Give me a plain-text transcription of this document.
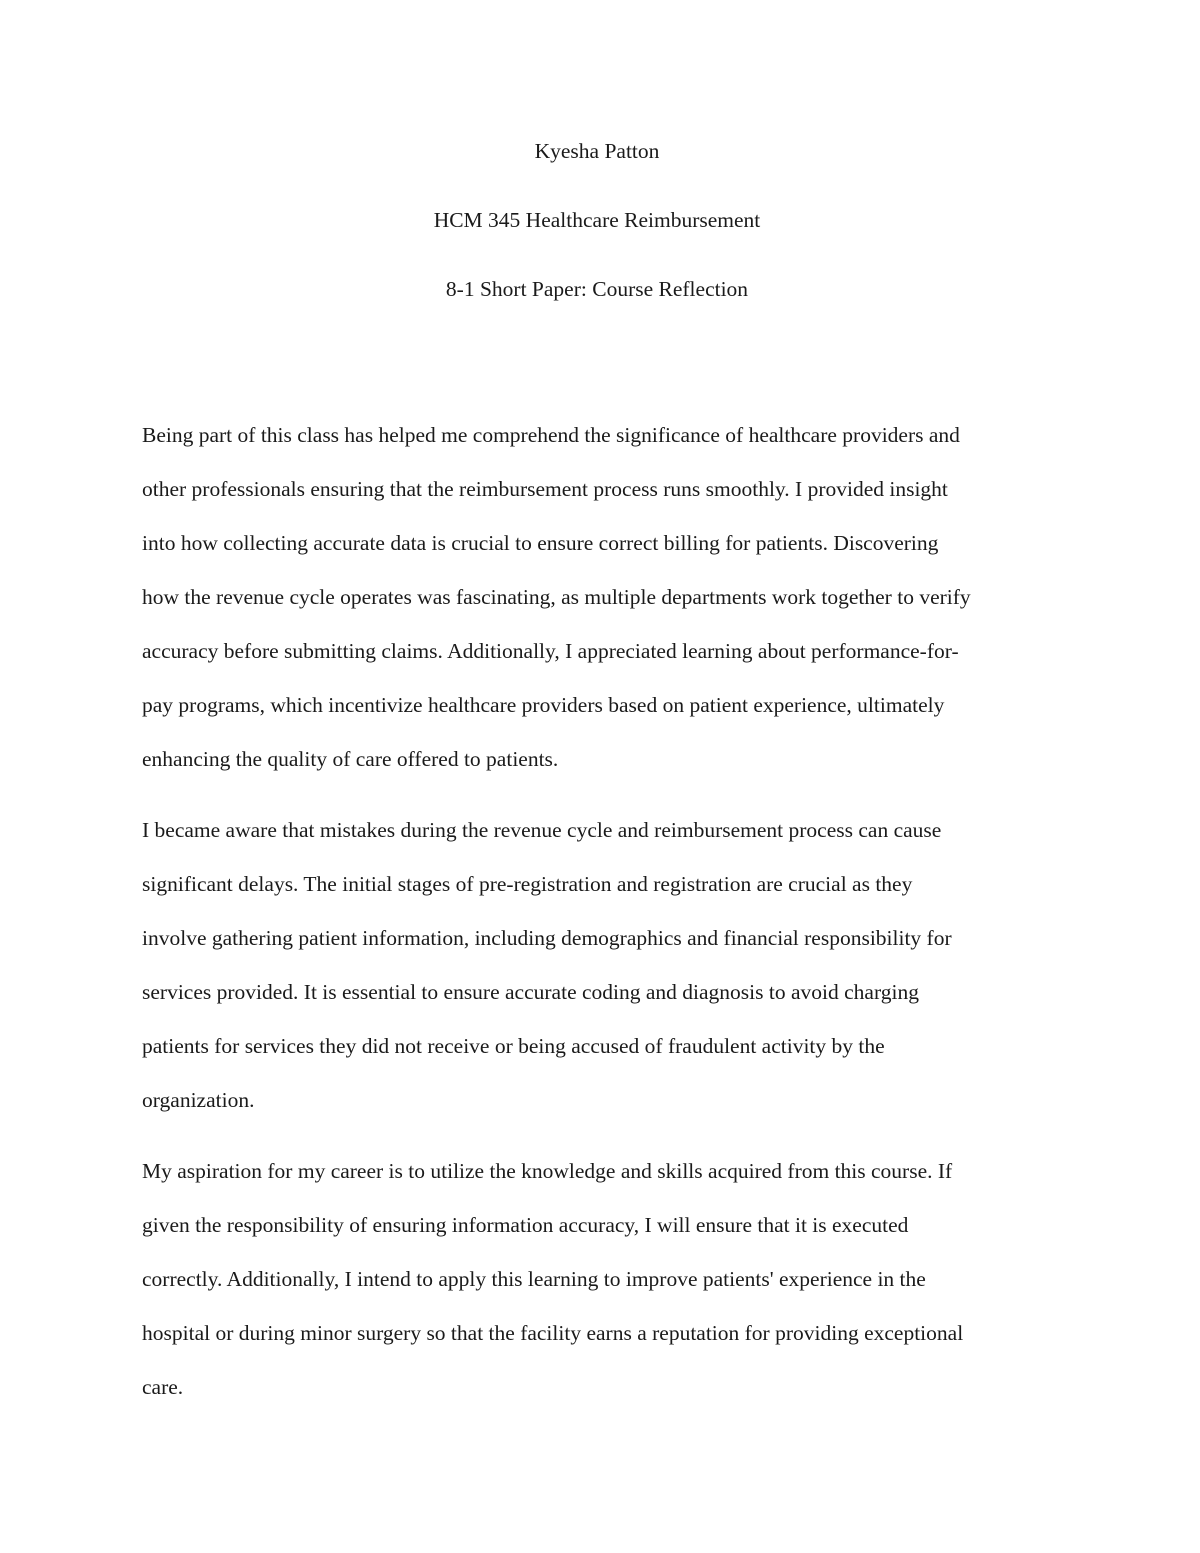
Kyesha Patton
HCM 345 Healthcare Reimbursement
8-1 Short Paper: Course Reflection
Being part of this class has helped me comprehend the significance of healthcare providers and
other professionals ensuring that the reimbursement process runs smoothly. I provided insight
into how collecting accurate data is crucial to ensure correct billing for patients. Discovering
how the revenue cycle operates was fascinating, as multiple departments work together to verify
accuracy before submitting claims. Additionally, I appreciated learning about performance-for-
pay programs, which incentivize healthcare providers based on patient experience, ultimately
enhancing the quality of care offered to patients.
I became aware that mistakes during the revenue cycle and reimbursement process can cause
significant delays. The initial stages of pre-registration and registration are crucial as they
involve gathering patient information, including demographics and financial responsibility for
services provided. It is essential to ensure accurate coding and diagnosis to avoid charging
patients for services they did not receive or being accused of fraudulent activity by the
organization.
My aspiration for my career is to utilize the knowledge and skills acquired from this course. If
given the responsibility of ensuring information accuracy, I will ensure that it is executed
correctly. Additionally, I intend to apply this learning to improve patients' experience in the
hospital or during minor surgery so that the facility earns a reputation for providing exceptional
care.
